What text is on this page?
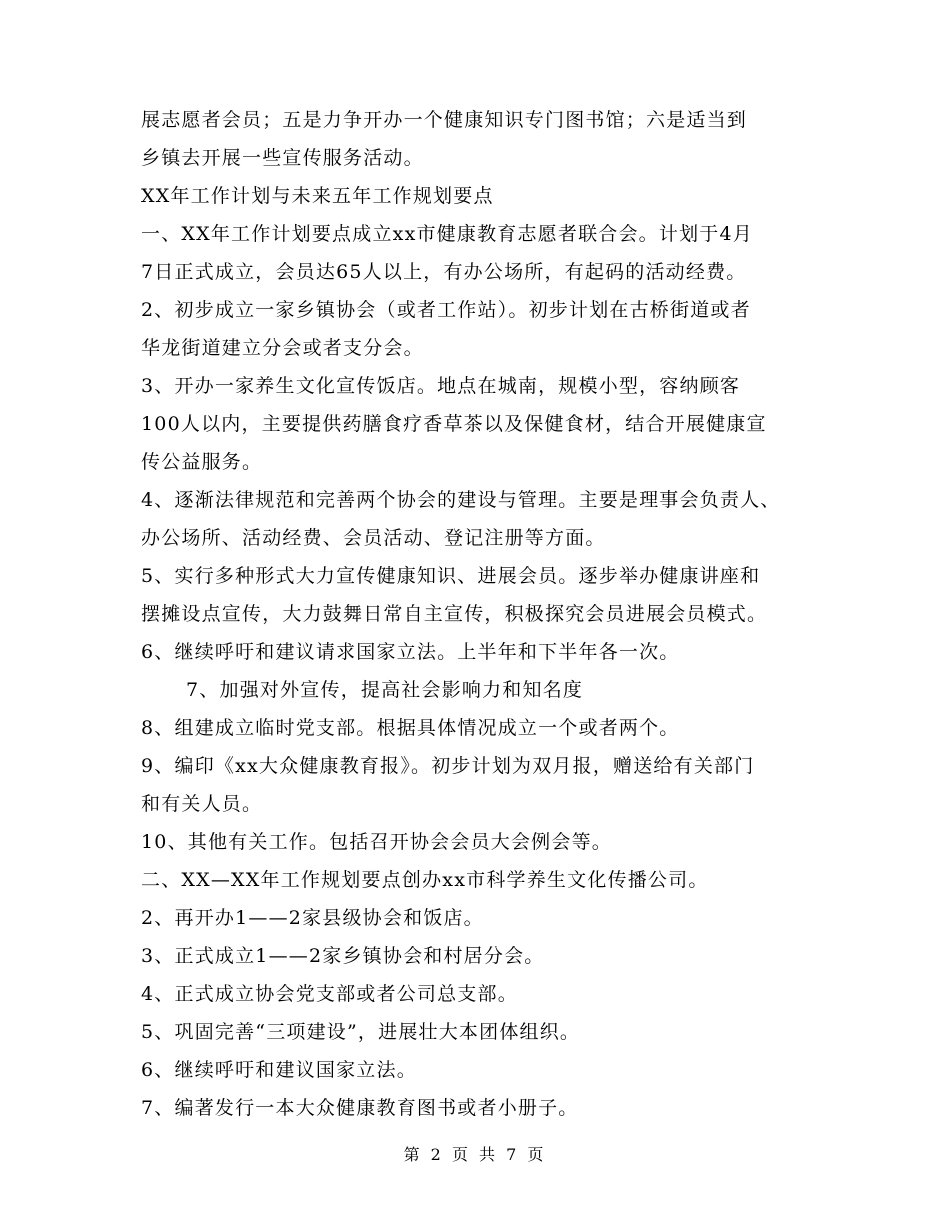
展志愿者会员；五是力争开办一个健康知识专门图书馆；六是适当到
乡镇去开展一些宣传服务活动。
XX年工作计划与未来五年工作规划要点
一、XX年工作计划要点成立xx市健康教育志愿者联合会。计划于4月
7日正式成立，会员达65人以上，有办公场所，有起码的活动经费。
2、初步成立一家乡镇协会（或者工作站）。初步计划在古桥街道或者
华龙街道建立分会或者支分会。
3、开办一家养生文化宣传饭店。地点在城南，规模小型，容纳顾客
100人以内，主要提供药膳食疗香草茶以及保健食材，结合开展健康宣
传公益服务。
4、逐渐法律规范和完善两个协会的建设与管理。主要是理事会负责人、
办公场所、活动经费、会员活动、登记注册等方面。
5、实行多种形式大力宣传健康知识、进展会员。逐步举办健康讲座和
摆摊设点宣传，大力鼓舞日常自主宣传，积极探究会员进展会员模式。
6、继续呼吁和建议请求国家立法。上半年和下半年各一次。
7、加强对外宣传，提高社会影响力和知名度
8、组建成立临时党支部。根据具体情况成立一个或者两个。
9、编印《xx大众健康教育报》。初步计划为双月报，赠送给有关部门
和有关人员。
10、其他有关工作。包括召开协会会员大会例会等。
二、XX—XX年工作规划要点创办xx市科学养生文化传播公司。
2、再开办1——2家县级协会和饭店。
3、正式成立1——2家乡镇协会和村居分会。
4、正式成立协会党支部或者公司总支部。
5、巩固完善“三项建设”，进展壮大本团体组织。
6、继续呼吁和建议国家立法。
7、编著发行一本大众健康教育图书或者小册子。
第 2 页 共 7 页
